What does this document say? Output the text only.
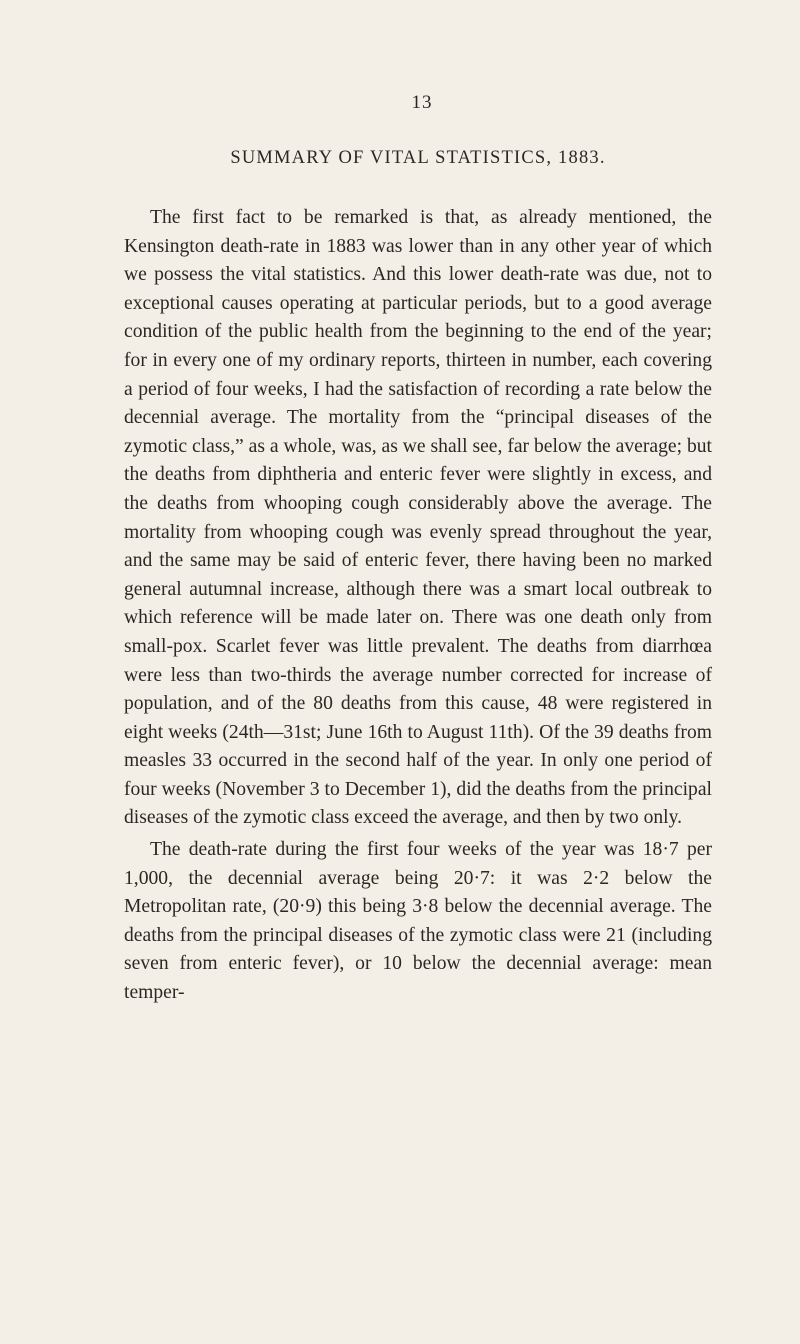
13
SUMMARY OF VITAL STATISTICS, 1883.

The first fact to be remarked is that, as already mentioned, the Kensington death-rate in 1883 was lower than in any other year of which we possess the vital statistics. And this lower death-rate was due, not to exceptional causes operating at particular periods, but to a good average condition of the public health from the beginning to the end of the year; for in every one of my ordinary reports, thirteen in number, each covering a period of four weeks, I had the satisfaction of recording a rate below the decennial average. The mortality from the “principal diseases of the zymotic class,” as a whole, was, as we shall see, far below the average; but the deaths from diphtheria and enteric fever were slightly in excess, and the deaths from whooping cough considerably above the average. The mortality from whooping cough was evenly spread throughout the year, and the same may be said of enteric fever, there having been no marked general autumnal increase, although there was a smart local outbreak to which reference will be made later on. There was one death only from small-pox. Scarlet fever was little prevalent. The deaths from diarrhœa were less than two-thirds the average number corrected for increase of population, and of the 80 deaths from this cause, 48 were registered in eight weeks (24th—31st; June 16th to August 11th). Of the 39 deaths from measles 33 occurred in the second half of the year. In only one period of four weeks (November 3 to December 1), did the deaths from the principal diseases of the zymotic class exceed the average, and then by two only.

The death-rate during the first four weeks of the year was 18·7 per 1,000, the decennial average being 20·7: it was 2·2 below the Metropolitan rate, (20·9) this being 3·8 below the decennial average. The deaths from the principal diseases of the zymotic class were 21 (including seven from enteric fever), or 10 below the decennial average: mean temper-
